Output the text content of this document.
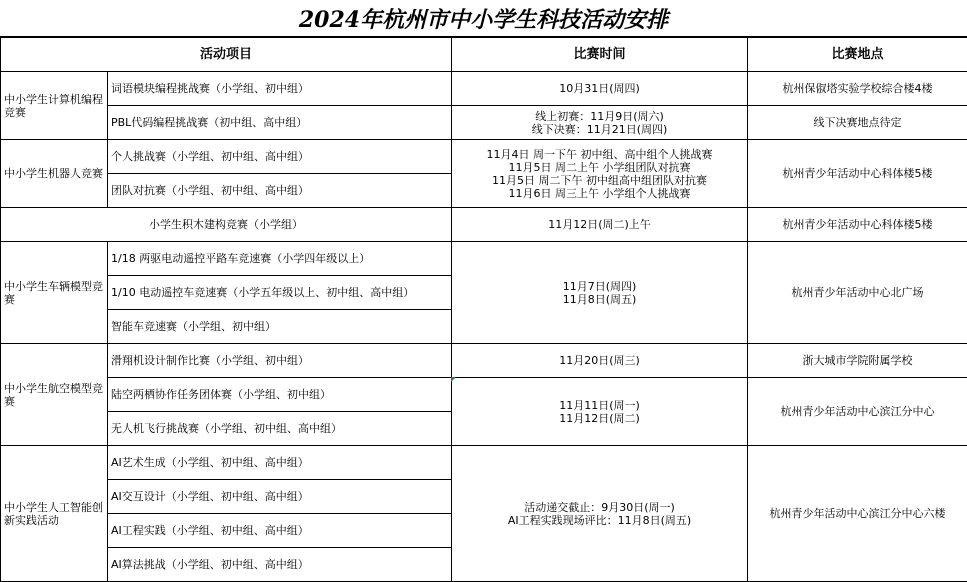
2024年杭州市中小学生科技活动安排
活动项目		比赛时间	比赛地点
中小学生计算机编程竞赛	词语模块编程挑战赛（小学组、初中组）	10月31日(周四)	杭州保俶塔实验学校综合楼4楼
	PBL代码编程挑战赛（初中组、高中组）	线上初赛：11月9日(周六)
线下决赛：11月21日(周四)	线下决赛地点待定
中小学生机器人竞赛	个人挑战赛（小学组、初中组、高中组）	11月4日 周一下午 初中组、高中组个人挑战赛
11月5日 周二上午 小学组团队对抗赛
11月5日 周二下午 初中组高中组团队对抗赛
11月6日 周三上午 小学组个人挑战赛	杭州青少年活动中心科体楼5楼
	团队对抗赛（小学组、初中组、高中组）		
小学生积木建构竞赛（小学组）		11月12日(周二)上午	杭州青少年活动中心科体楼5楼
中小学生车辆模型竞赛	1/18 两驱电动遥控平路车竞速赛（小学四年级以上）	11月7日(周四)
11月8日(周五)	杭州青少年活动中心北广场
	1/10 电动遥控车竞速赛（小学五年级以上、初中组、高中组）		
	智能车竞速赛（小学组、初中组）		
中小学生航空模型竞赛	滑翔机设计制作比赛（小学组、初中组）	11月20日(周三)	浙大城市学院附属学校
	陆空两栖协作任务团体赛（小学组、初中组）	11月11日(周一)
11月12日(周二)	杭州青少年活动中心滨江分中心
	无人机飞行挑战赛（小学组、初中组、高中组）		
中小学生人工智能创新实践活动	AI艺术生成（小学组、初中组、高中组）	活动递交截止：9月30日(周一)
AI工程实践现场评比：11月8日(周五)	杭州青少年活动中心滨江分中心六楼
	AI交互设计（小学组、初中组、高中组）		
	AI工程实践（小学组、初中组、高中组）		
	AI算法挑战（小学组、初中组、高中组）		
